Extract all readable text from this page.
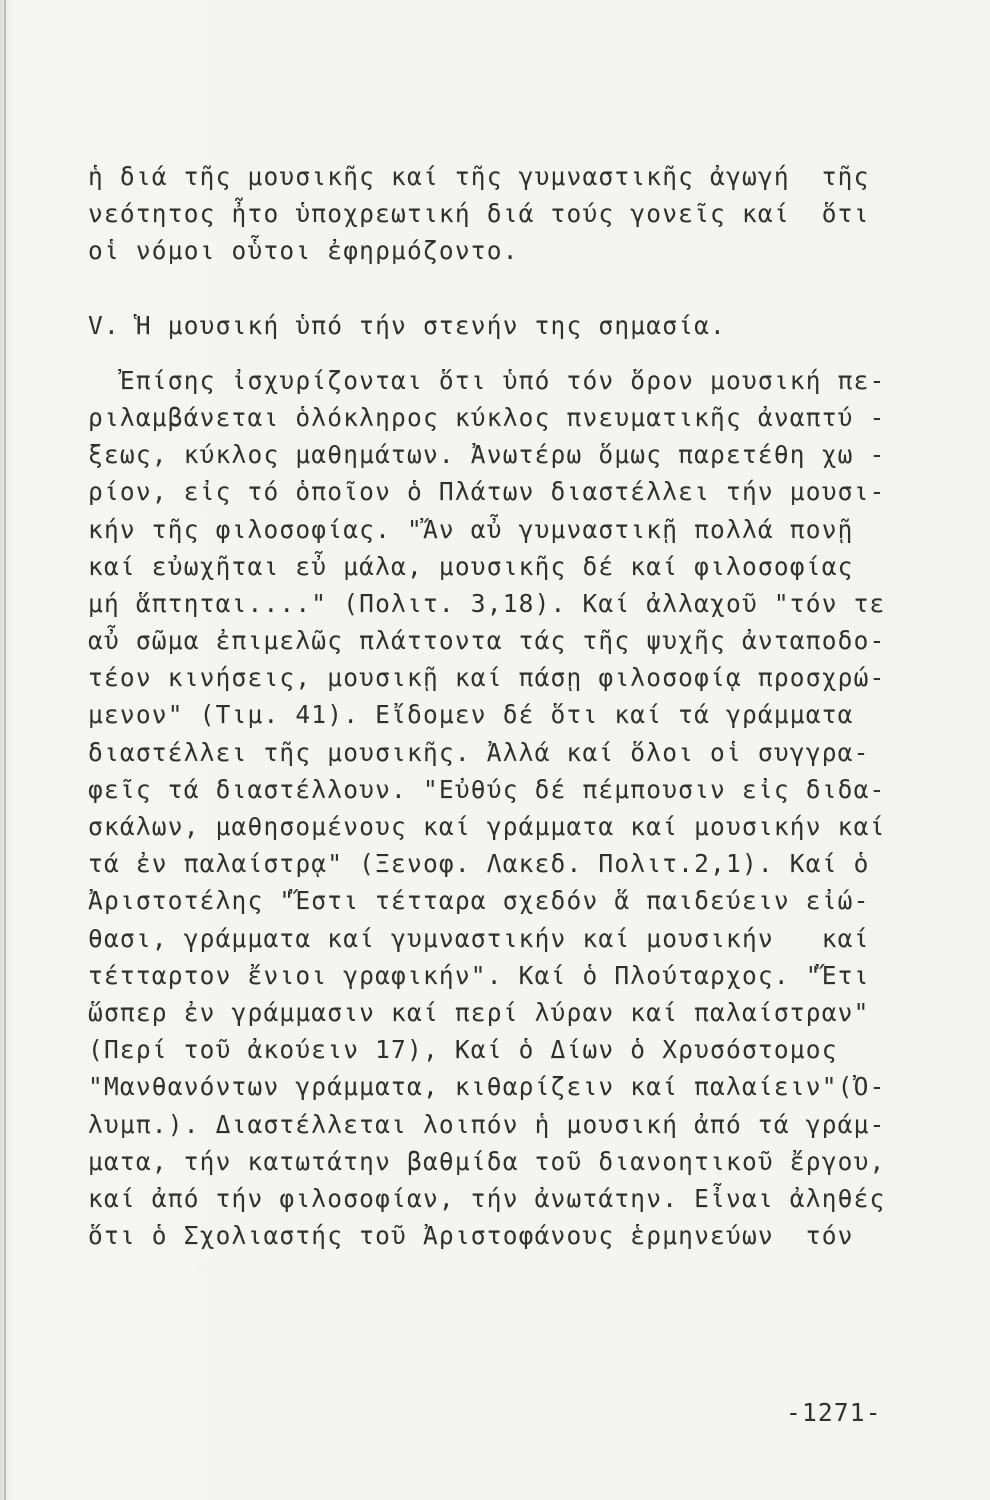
ἡ διά τῆς μουσικῆς καί τῆς γυμναστικῆς ἀγωγή  τῆς
νεότητος ἦτο ὑποχρεωτική διά τούς γονεῖς καί  ὅτι
οἱ νόμοι οὗτοι ἐφηρμόζοντο.
V. Ἡ μουσική ὑπό τήν στενήν της σημασία.
Ἐπίσης ἰσχυρίζονται ὅτι ὑπό τόν ὅρον μουσική πε-
ριλαμβάνεται ὁλόκληρος κύκλος πνευματικῆς ἀναπτύ -
ξεως, κύκλος μαθημάτων. Ἀνωτέρω ὅμως παρετέθη χω -
ρίον, εἰς τό ὁποῖον ὁ Πλάτων διαστέλλει τήν μουσι-
κήν τῆς φιλοσοφίας. "Ἄν αὖ γυμναστικῇ πολλά πονῇ
καί εὐωχῆται εὖ μάλα, μουσικῆς δέ καί φιλοσοφίας
μή ἅπτηται...." (Πολιτ. 3,18). Καί ἀλλαχοῦ "τόν τε
αὖ σῶμα ἐπιμελῶς πλάττοντα τάς τῆς ψυχῆς ἀνταποδο-
τέον κινήσεις, μουσικῇ καί πάσῃ φιλοσοφίᾳ προσχρώ-
μενον" (Τιμ. 41). Εἴδομεν δέ ὅτι καί τά γράμματα
διαστέλλει τῆς μουσικῆς. Ἀλλά καί ὅλοι οἱ συγγρα-
φεῖς τά διαστέλλουν. "Εὐθύς δέ πέμπουσιν εἰς διδα-
σκάλων, μαθησομένους καί γράμματα καί μουσικήν καί
τά ἐν παλαίστρᾳ" (Ξενοφ. Λακεδ. Πολιτ.2,1). Καί ὁ
Ἀριστοτέλης "Ἔστι τέτταρα σχεδόν ἅ παιδεύειν εἰώ-
θασι, γράμματα καί γυμναστικήν καί μουσικήν   καί
τέτταρτον ἔνιοι γραφικήν". Καί ὁ Πλούταρχος. "Ἔτι
ὥσπερ ἐν γράμμασιν καί περί λύραν καί παλαίστραν"
(Περί τοῦ ἀκούειν 17), Καί ὁ Δίων ὁ Χρυσόστομος
"Μανθανόντων γράμματα, κιθαρίζειν καί παλαίειν"(Ὀ-
λυμπ.). Διαστέλλεται λοιπόν ἡ μουσική ἀπό τά γράμ-
ματα, τήν κατωτάτην βαθμίδα τοῦ διανοητικοῦ ἔργου,
καί ἀπό τήν φιλοσοφίαν, τήν ἀνωτάτην. Εἶναι ἀληθές
ὅτι ὁ Σχολιαστής τοῦ Ἀριστοφάνους ἑρμηνεύων  τόν
-1271-
